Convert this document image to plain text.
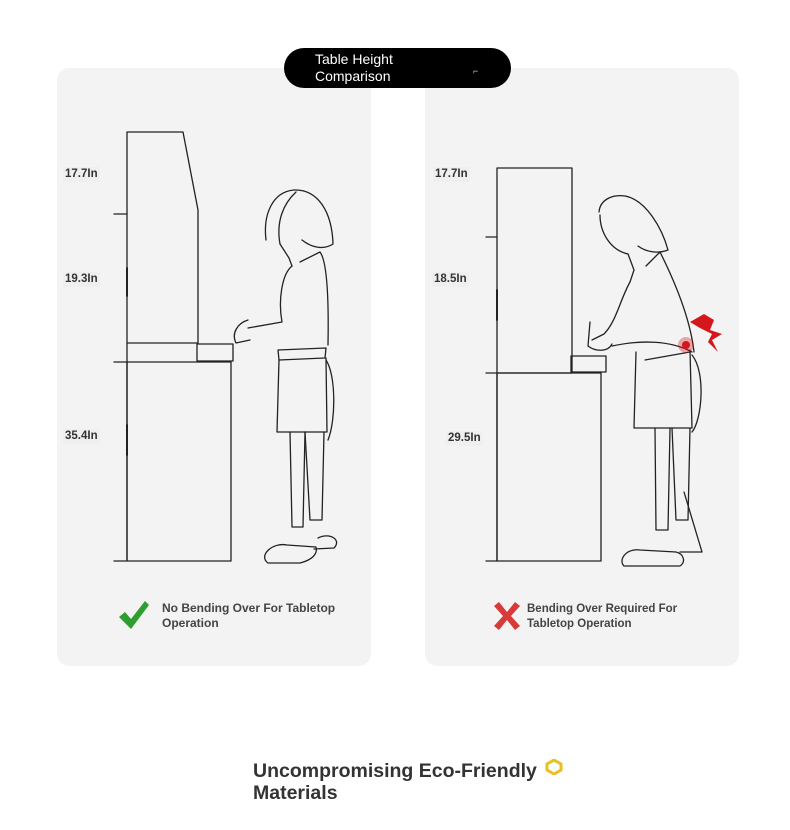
Table Height
Comparison	⌐
17.7In
19.3In
35.4In
17.7In
18.5In
29.5In
No Bending Over For Tabletop
Operation
Bending Over Required For
Tabletop Operation
Uncompromising Eco-Friendly
Materials
